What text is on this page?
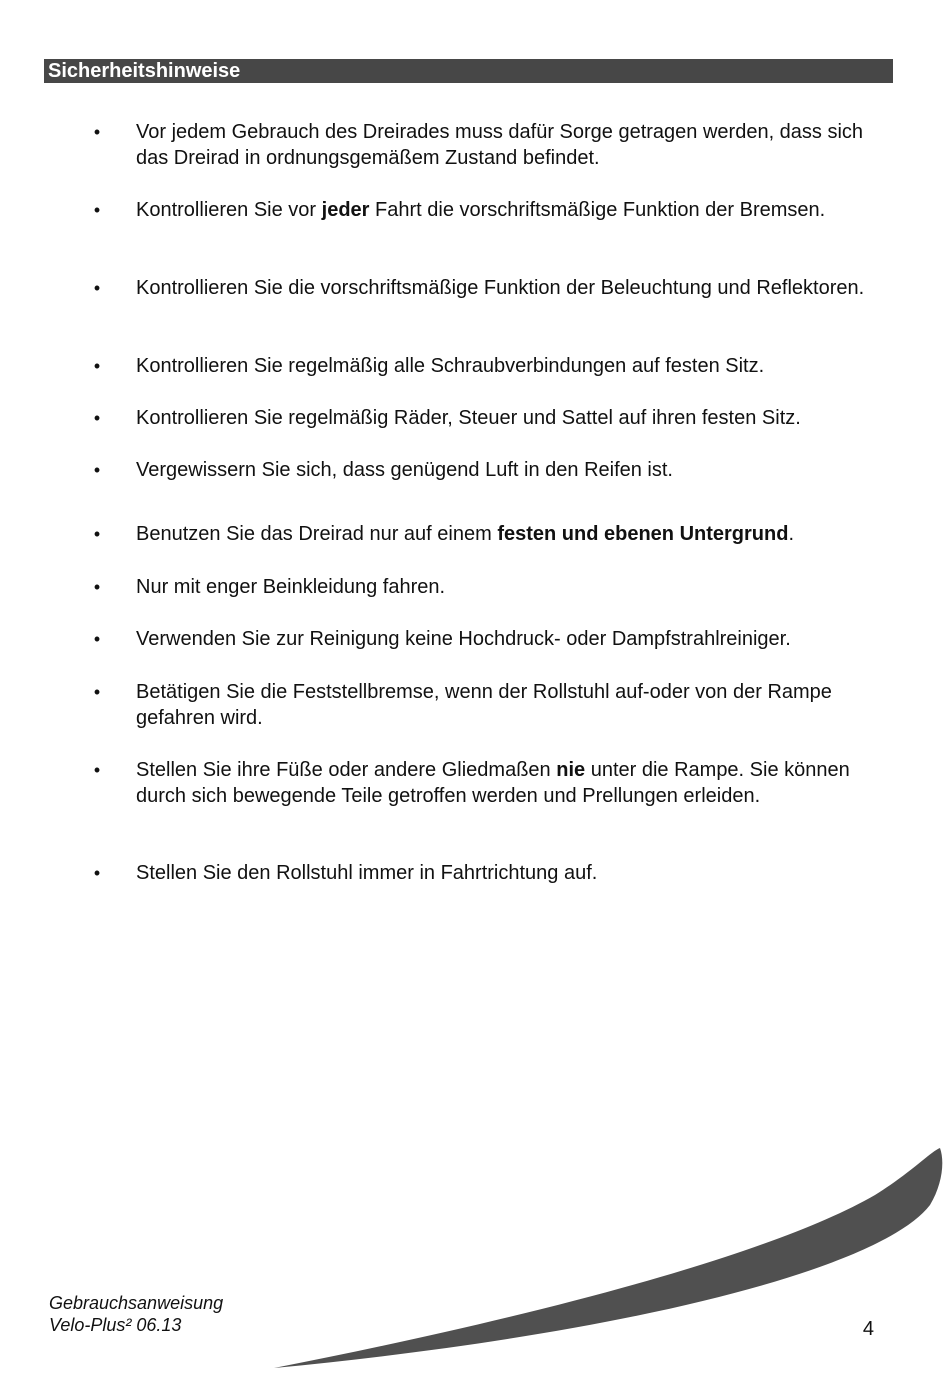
Sicherheitshinweise
• Vor jedem Gebrauch des Dreirades muss dafür Sorge getragen werden, dass sich das Dreirad in ordnungsgemäßem Zustand befindet.
• Kontrollieren Sie vor jeder Fahrt die vorschriftsmäßige Funktion der Bremsen.
• Kontrollieren Sie die vorschriftsmäßige Funktion der Beleuchtung und Reflektoren.
• Kontrollieren Sie regelmäßig alle Schraubverbindungen auf festen Sitz.
• Kontrollieren Sie regelmäßig Räder, Steuer und Sattel auf ihren festen Sitz.
• Vergewissern Sie sich, dass genügend Luft in den Reifen ist.
• Benutzen Sie das Dreirad nur auf einem festen und ebenen Untergrund.
• Nur mit enger Beinkleidung fahren.
• Verwenden Sie zur Reinigung keine Hochdruck- oder Dampfstrahlreiniger.
• Betätigen Sie die Feststellbremse, wenn der Rollstuhl auf-oder von der Rampe gefahren wird.
• Stellen Sie ihre Füße oder andere Gliedmaßen nie unter die Rampe. Sie können durch sich bewegende Teile getroffen werden und Prellungen erleiden.
• Stellen Sie den Rollstuhl immer in Fahrtrichtung auf.
Gebrauchsanweisung
Velo-Plus² 06.13	4
